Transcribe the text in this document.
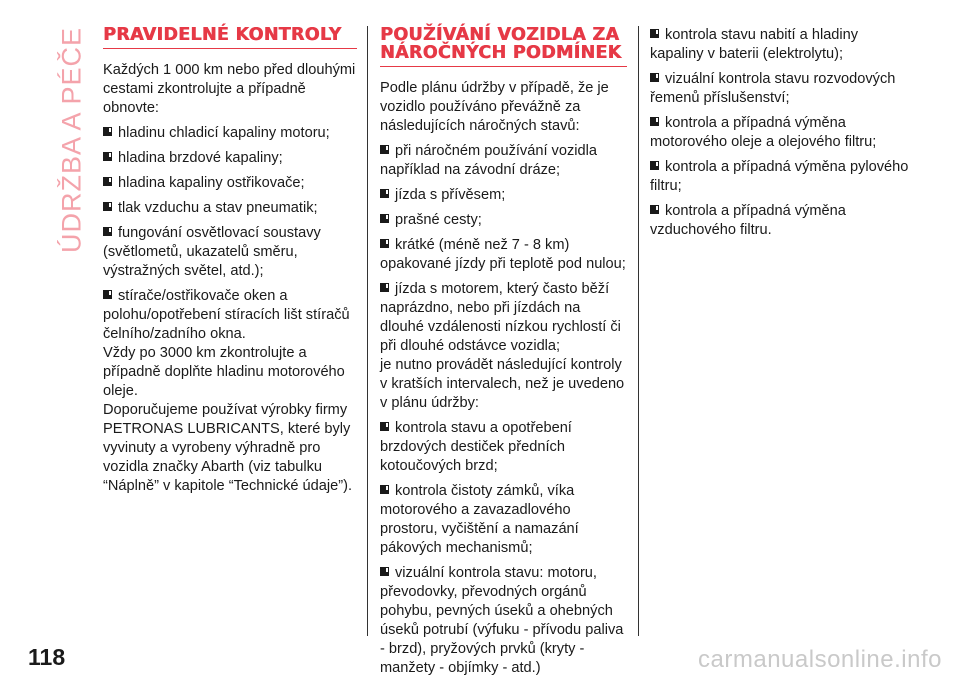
ÚDRŽBA A PÉČE PRAVIDELNÉ KONTROLY

Každých 1 000 km nebo před dlouhými cestami zkontrolujte a případně obnovte:

hladinu chladicí kapaliny motoru;
hladina brzdové kapaliny;
hladina kapaliny ostřikovače;
tlak vzduchu a stav pneumatik;
fungování osvětlovací soustavy (světlometů, ukazatelů směru, výstražných světel, atd.);
stírače/ostřikovače oken a polohu/opotřebení stíracích lišt stíračů čelního/zadního okna.

Vždy po 3000 km zkontrolujte a případně doplňte hladinu motorového oleje.

Doporučujeme používat výrobky firmy PETRONAS LUBRICANTS, které byly vyvinuty a vyrobeny výhradně pro vozidla značky Abarth (viz tabulku “Náplně” v kapitole “Technické údaje”).

POUŽÍVÁNÍ VOZIDLA ZA NÁROČNÝCH PODMÍNEK

Podle plánu údržby v případě, že je vozidlo používáno převážně za následujících náročných stavů:

při náročném používání vozidla například na závodní dráze;
jízda s přívěsem;
prašné cesty;
krátké (méně než 7 - 8 km) opakované jízdy při teplotě pod nulou;
jízda s motorem, který často běží naprázdno, nebo při jízdách na dlouhé vzdálenosti nízkou rychlostí či při dlouhé odstávce vozidla;

je nutno provádět následující kontroly v kratších intervalech, než je uvedeno v plánu údržby:

kontrola stavu a opotřebení brzdových destiček předních kotoučových brzd;
kontrola čistoty zámků, víka motorového a zavazadlového prostoru, vyčištění a namazání pákových mechanismů;
vizuální kontrola stavu: motoru, převodovky, převodných orgánů pohybu, pevných úseků a ohebných úseků potrubí (výfuku - přívodu paliva - brzd), pryžových prvků (kryty - manžety - objímky - atd.)
kontrola stavu nabití a hladiny kapaliny v baterii (elektrolytu);
vizuální kontrola stavu rozvodových řemenů příslušenství;
kontrola a případná výměna motorového oleje a olejového filtru;
kontrola a případná výměna pylového filtru;
kontrola a případná výměna vzduchového filtru.
118	carmanualsonline.info
